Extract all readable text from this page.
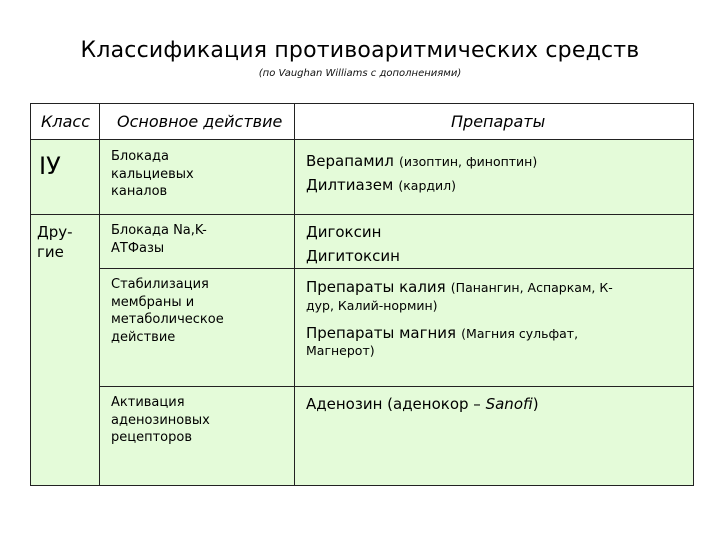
Классификация противоаритмических средств
(по Vaughan Williams с дополнениями)
Класс Основное действие	Препараты
IУ	Блокада
кальциевых
каналов
Верапамил (изоптин, финоптин)
Дилтиазем (кардил)
Дру-
гие
Блокада Na,K-
АТФазы
Дигоксин
Дигитоксин
Стабилизация
мембраны и
метаболическое
действие
Препараты калия (Панангин, Аспаркам, К-
дур, Калий-нормин)
Препараты магния (Магния сульфат,
Магнерот)
Активация
аденозиновых
рецепторов
Аденозин (аденокор – Sanofi)
